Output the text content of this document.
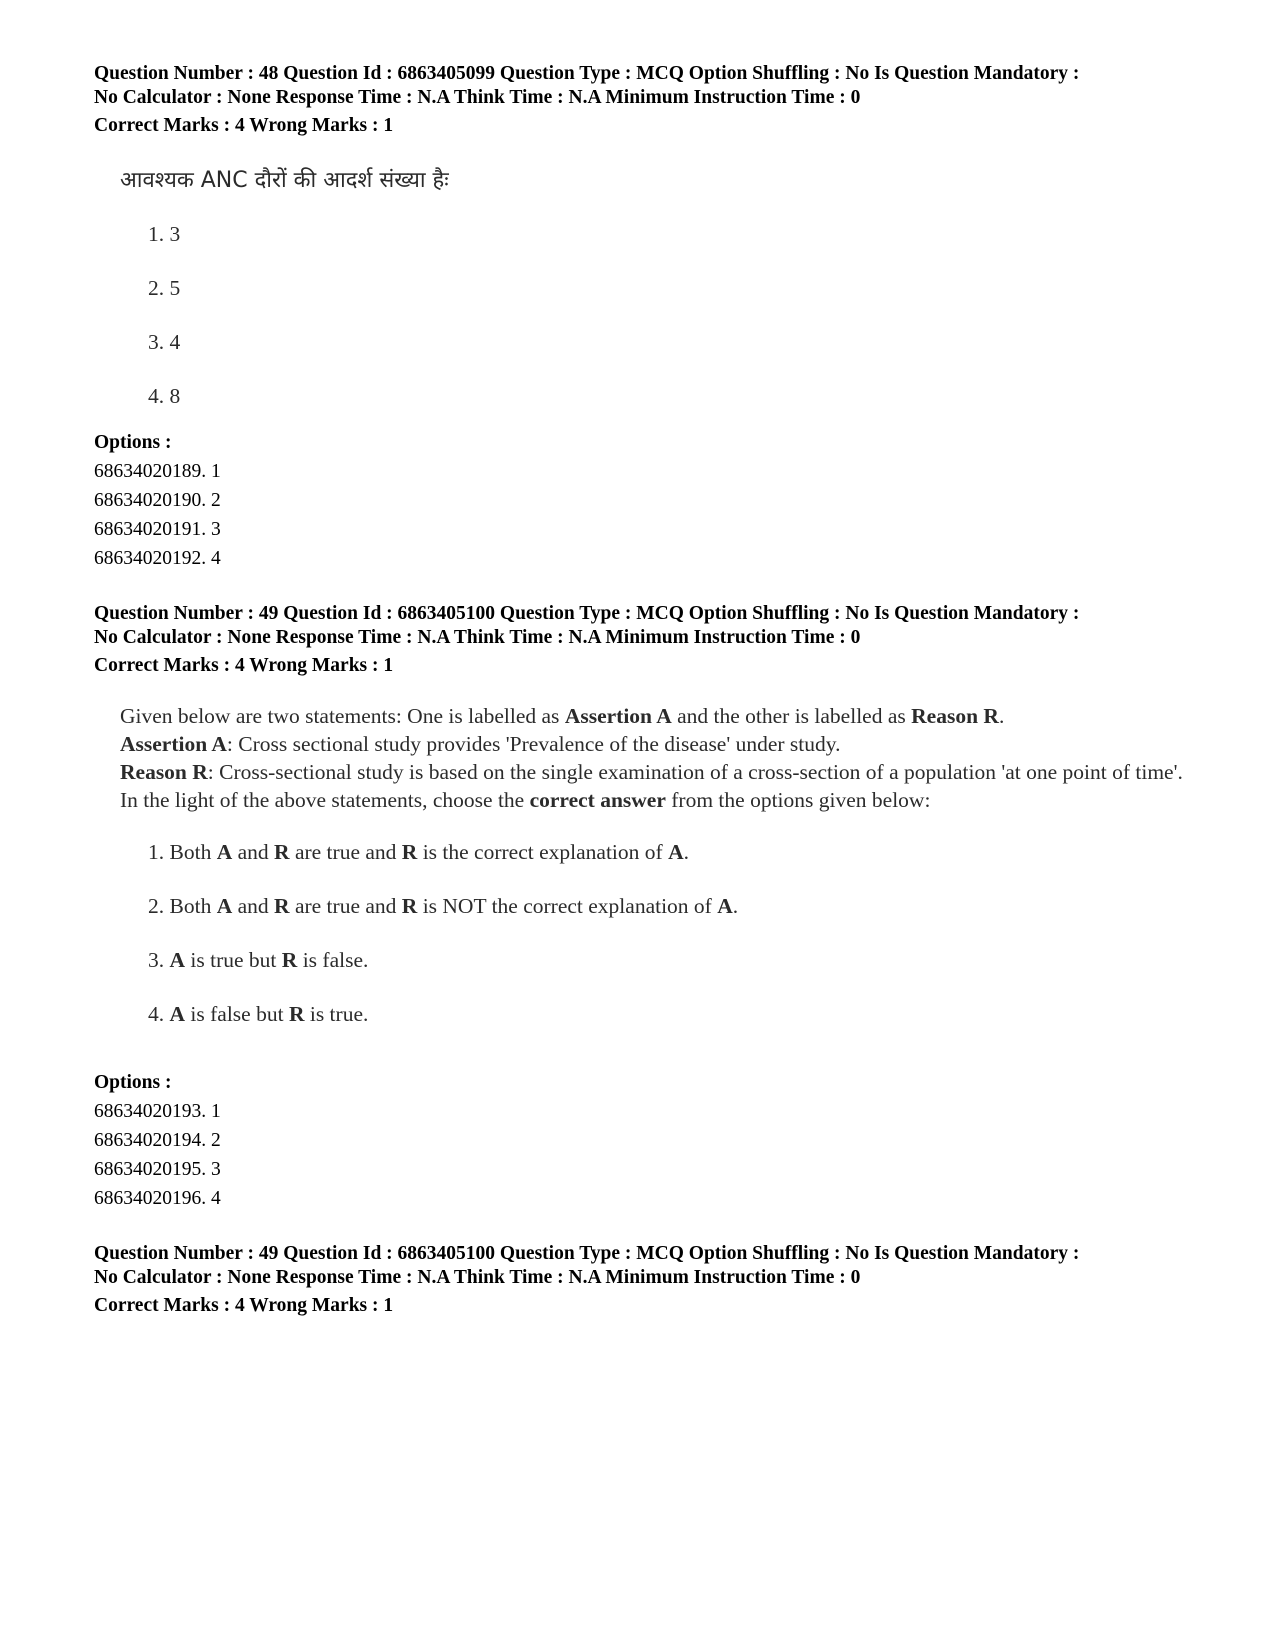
Question Number : 48 Question Id : 6863405099 Question Type : MCQ Option Shuffling : No Is Question Mandatory :
No Calculator : None Response Time : N.A Think Time : N.A Minimum Instruction Time : 0
Correct Marks : 4 Wrong Marks : 1
आवश्यक ANC दौरों की आदर्श संख्या हैः
1. 3
2. 5
3. 4
4. 8
Options :
68634020189. 1
68634020190. 2
68634020191. 3
68634020192. 4
Question Number : 49 Question Id : 6863405100 Question Type : MCQ Option Shuffling : No Is Question Mandatory :
No Calculator : None Response Time : N.A Think Time : N.A Minimum Instruction Time : 0
Correct Marks : 4 Wrong Marks : 1

Given below are two statements: One is labelled as Assertion A and the other is labelled as Reason R.

Assertion A: Cross sectional study provides 'Prevalence of the disease' under study.

Reason R: Cross-sectional study is based on the single examination of a cross-section of a population 'at one point of time'.

In the light of the above statements, choose the correct answer from the options given below:

1. Both A and R are true and R is the correct explanation of A.
2. Both A and R are true and R is NOT the correct explanation of A.
3. A is true but R is false.
4. A is false but R is true.
Options :
68634020193. 1
68634020194. 2
68634020195. 3
68634020196. 4
Question Number : 49 Question Id : 6863405100 Question Type : MCQ Option Shuffling : No Is Question Mandatory :
No Calculator : None Response Time : N.A Think Time : N.A Minimum Instruction Time : 0
Correct Marks : 4 Wrong Marks : 1
